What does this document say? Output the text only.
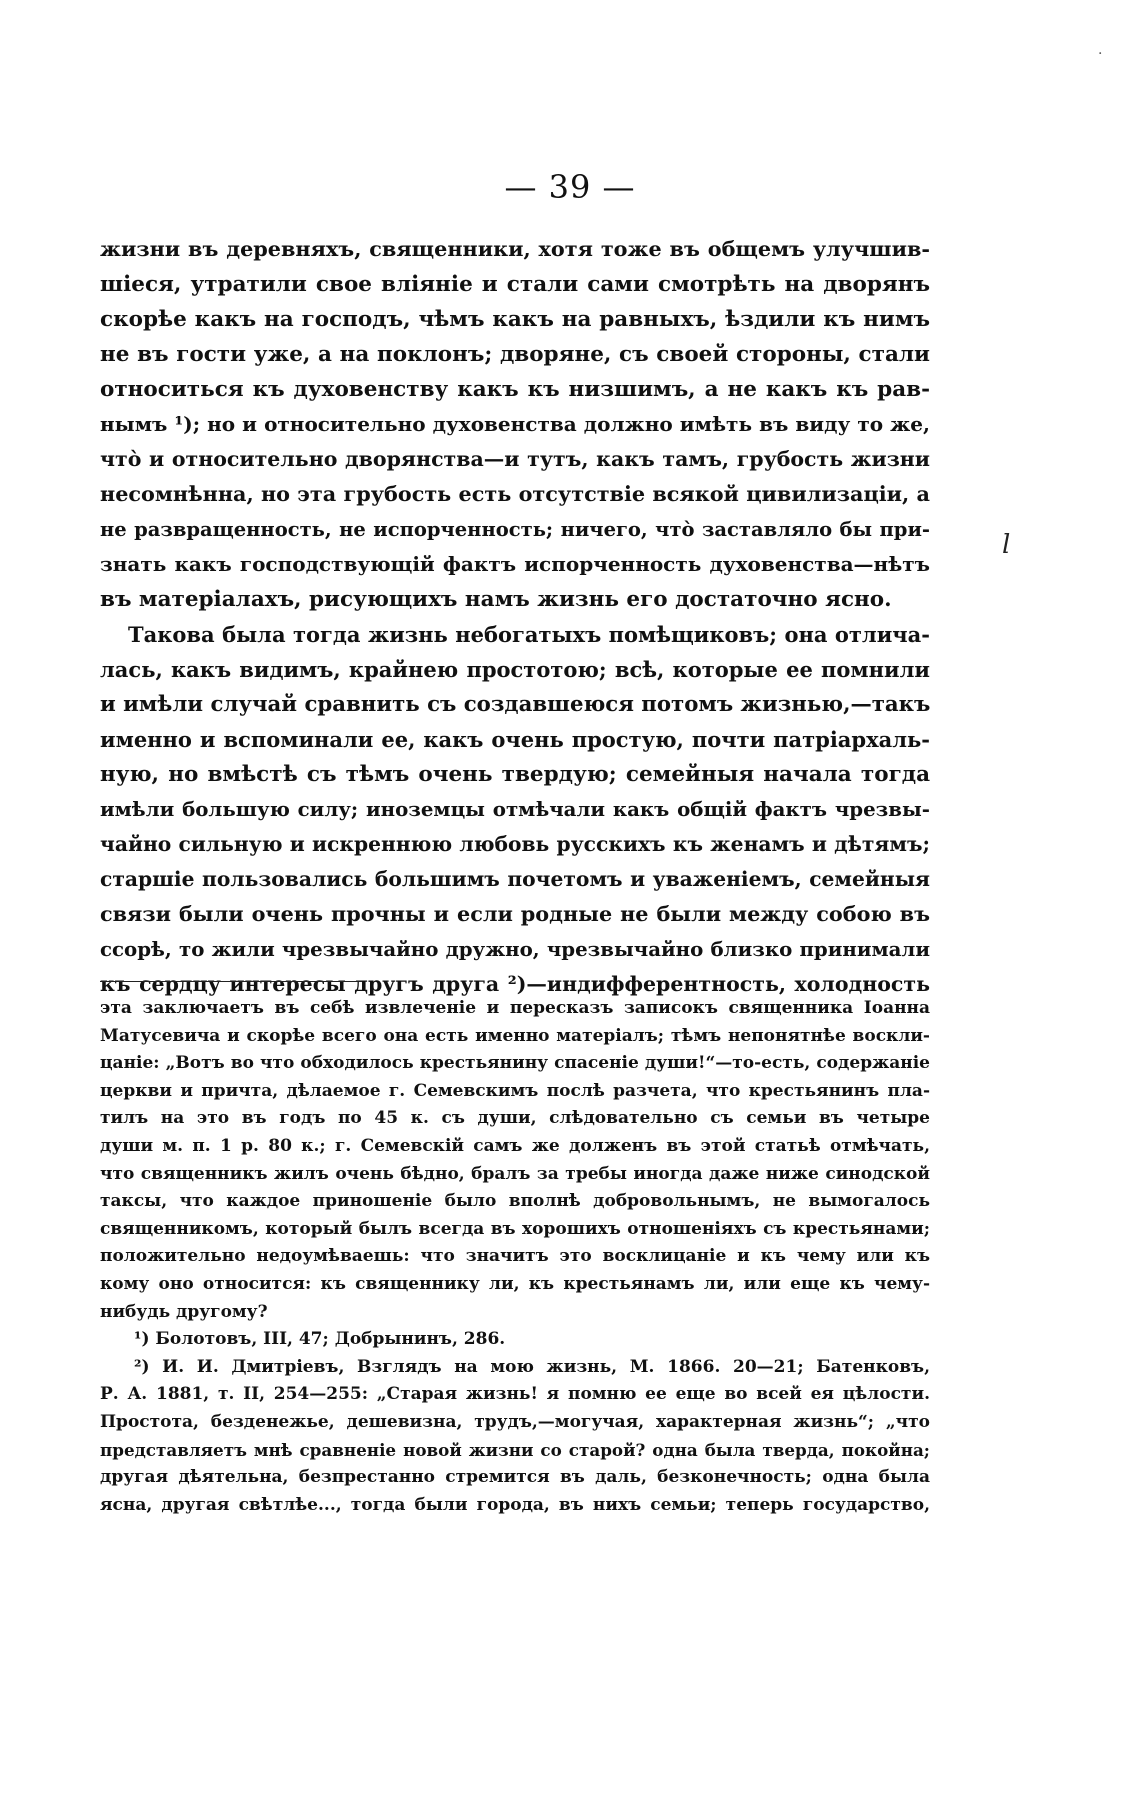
— 39 —
·
жизни въ деревняхъ, священники, хотя тоже въ общемъ улучшив-
шіеся, утратили свое вліяніе и стали сами смотрѣть на дворянъ
скорѣе какъ на господъ, чѣмъ какъ на равныхъ, ѣздили къ нимъ
не въ гости уже, а на поклонъ; дворяне, съ своей стороны, стали
относиться къ духовенству какъ къ низшимъ, а не какъ къ рав-
нымъ ¹); но и относительно духовенства должно имѣть въ виду то же,
что̀ и относительно дворянства—и тутъ, какъ тамъ, грубость жизни
несомнѣнна, но эта грубость есть отсутствіе всякой цивилизаціи, а
не развращенность, не испорченность; ничего, что̀ заставляло бы при-
знать какъ господствующій фактъ испорченность духовенства—нѣтъ
въ матеріалахъ, рисующихъ намъ жизнь его достаточно ясно.
Такова была тогда жизнь небогатыхъ помѣщиковъ; она отлича-
лась, какъ видимъ, крайнею простотою; всѣ, которые ее помнили
и имѣли случай сравнить съ создавшеюся потомъ жизнью,—такъ
именно и вспоминали ее, какъ очень простую, почти патріархаль-
ную, но вмѣстѣ съ тѣмъ очень твердую; семейныя начала тогда
имѣли большую силу; иноземцы отмѣчали какъ общій фактъ чрезвы-
чайно сильную и искреннюю любовь русскихъ къ женамъ и дѣтямъ;
старшіе пользовались большимъ почетомъ и уваженіемъ, семейныя
связи были очень прочны и если родные не были между собою въ
ссорѣ, то жили чрезвычайно дружно, чрезвычайно близко принимали
къ сердцу интересы другъ друга ²)—индифферентность, холодность
l
эта заключаетъ въ себѣ извлеченіе и пересказъ записокъ священника Іоанна
Матусевича и скорѣе всего она есть именно матеріалъ; тѣмъ непонятнѣе воскли-
цаніе: „Вотъ во что обходилось крестьянину спасеніе души!“—то-есть, содержаніе
церкви и причта, дѣлаемое г. Семевскимъ послѣ разчета, что крестьянинъ пла-
тилъ на это въ годъ по 45 к. съ души, слѣдовательно съ семьи въ четыре
души м. п. 1 р. 80 к.; г. Семевскій самъ же долженъ въ этой статьѣ отмѣчать,
что священникъ жилъ очень бѣдно, бралъ за требы иногда даже ниже синодской
таксы, что каждое приношеніе было вполнѣ добровольнымъ, не вымогалось
священникомъ, который былъ всегда въ хорошихъ отношеніяхъ съ крестьянами;
положительно недоумѣваешь: что значитъ это восклицаніе и къ чему или къ
кому оно относится: къ священнику ли, къ крестьянамъ ли, или еще къ чему-
нибудь другому?
¹) Болотовъ, III, 47; Добрынинъ, 286.
²) И. И. Дмитріевъ, Взглядъ на мою жизнь, М. 1866. 20—21; Батенковъ,
Р. А. 1881, т. II, 254—255: „Старая жизнь! я помню ее еще во всей ея цѣлости.
Простота, безденежье, дешевизна, трудъ,—могучая, характерная жизнь“; „что
представляетъ мнѣ сравненіе новой жизни со старой? одна была тверда, покойна;
другая дѣятельна, безпрестанно стремится въ даль, безконечность; одна была
ясна, другая свѣтлѣе..., тогда были города, въ нихъ семьи; теперь государство,
